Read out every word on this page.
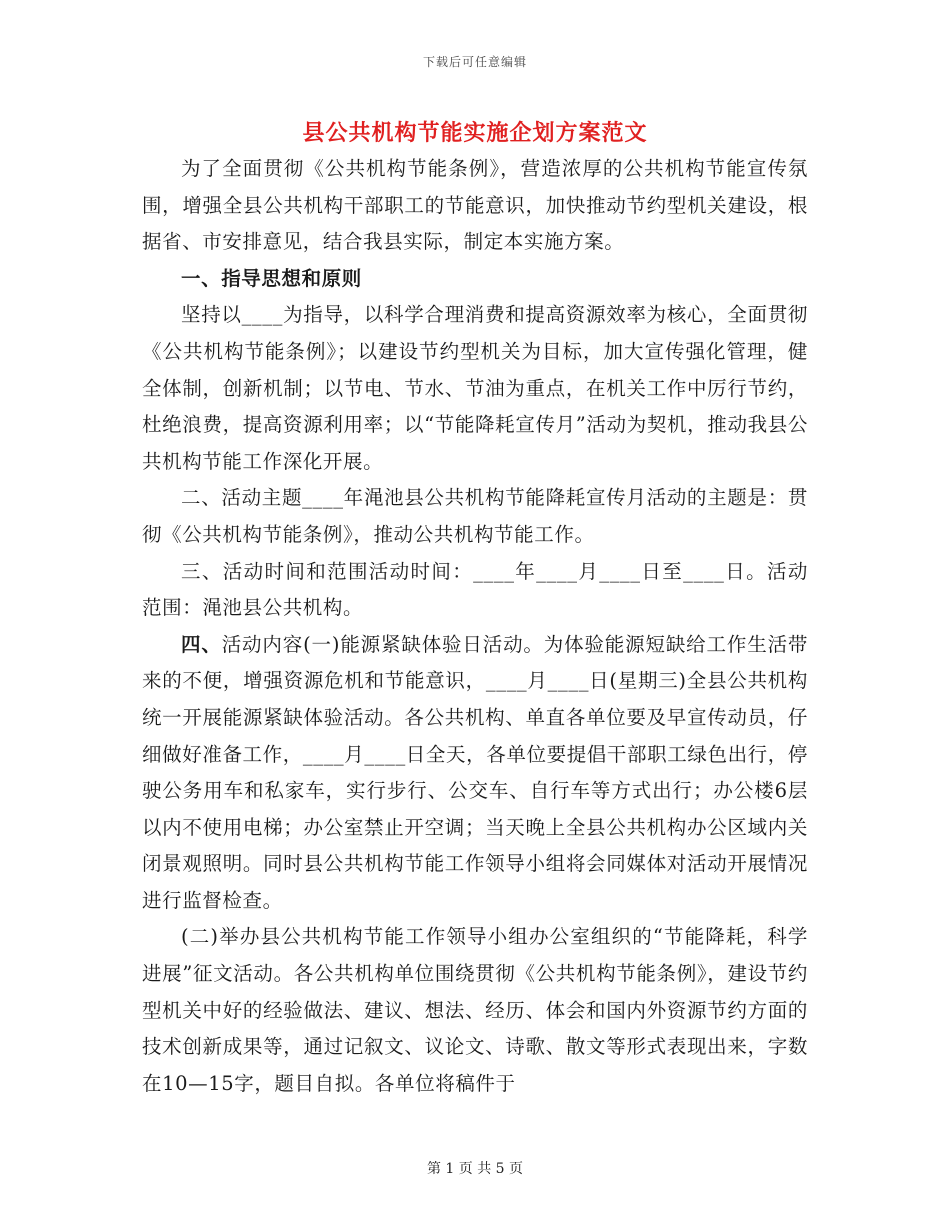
下载后可任意编辑
县公共机构节能实施企划方案范文

为了全面贯彻《公共机构节能条例》，营造浓厚的公共机构节能宣传氛围，增强全县公共机构干部职工的节能意识，加快推动节约型机关建设，根据省、市安排意见，结合我县实际，制定本实施方案。

一、指导思想和原则

坚持以____为指导，以科学合理消费和提高资源效率为核心，全面贯彻《公共机构节能条例》；以建设节约型机关为目标，加大宣传强化管理，健全体制，创新机制；以节电、节水、节油为重点，在机关工作中厉行节约，杜绝浪费，提高资源利用率；以“节能降耗宣传月”活动为契机，推动我县公共机构节能工作深化开展。

二、活动主题____年渑池县公共机构节能降耗宣传月活动的主题是：贯彻《公共机构节能条例》，推动公共机构节能工作。

三、活动时间和范围活动时间：____年____月____日至____日。活动范围：渑池县公共机构。

四、活动内容(一)能源紧缺体验日活动。为体验能源短缺给工作生活带来的不便，增强资源危机和节能意识，____月____日(星期三)全县公共机构统一开展能源紧缺体验活动。各公共机构、单直各单位要及早宣传动员，仔细做好准备工作，____月____日全天，各单位要提倡干部职工绿色出行，停驶公务用车和私家车，实行步行、公交车、自行车等方式出行；办公楼6层以内不使用电梯；办公室禁止开空调；当天晚上全县公共机构办公区域内关闭景观照明。同时县公共机构节能工作领导小组将会同媒体对活动开展情况进行监督检查。

(二)举办县公共机构节能工作领导小组办公室组织的“节能降耗，科学进展”征文活动。各公共机构单位围绕贯彻《公共机构节能条例》，建设节约型机关中好的经验做法、建议、想法、经历、体会和国内外资源节约方面的技术创新成果等，通过记叙文、议论文、诗歌、散文等形式表现出来，字数在10—15字，题目自拟。各单位将稿件于

第 1 页 共 5 页
